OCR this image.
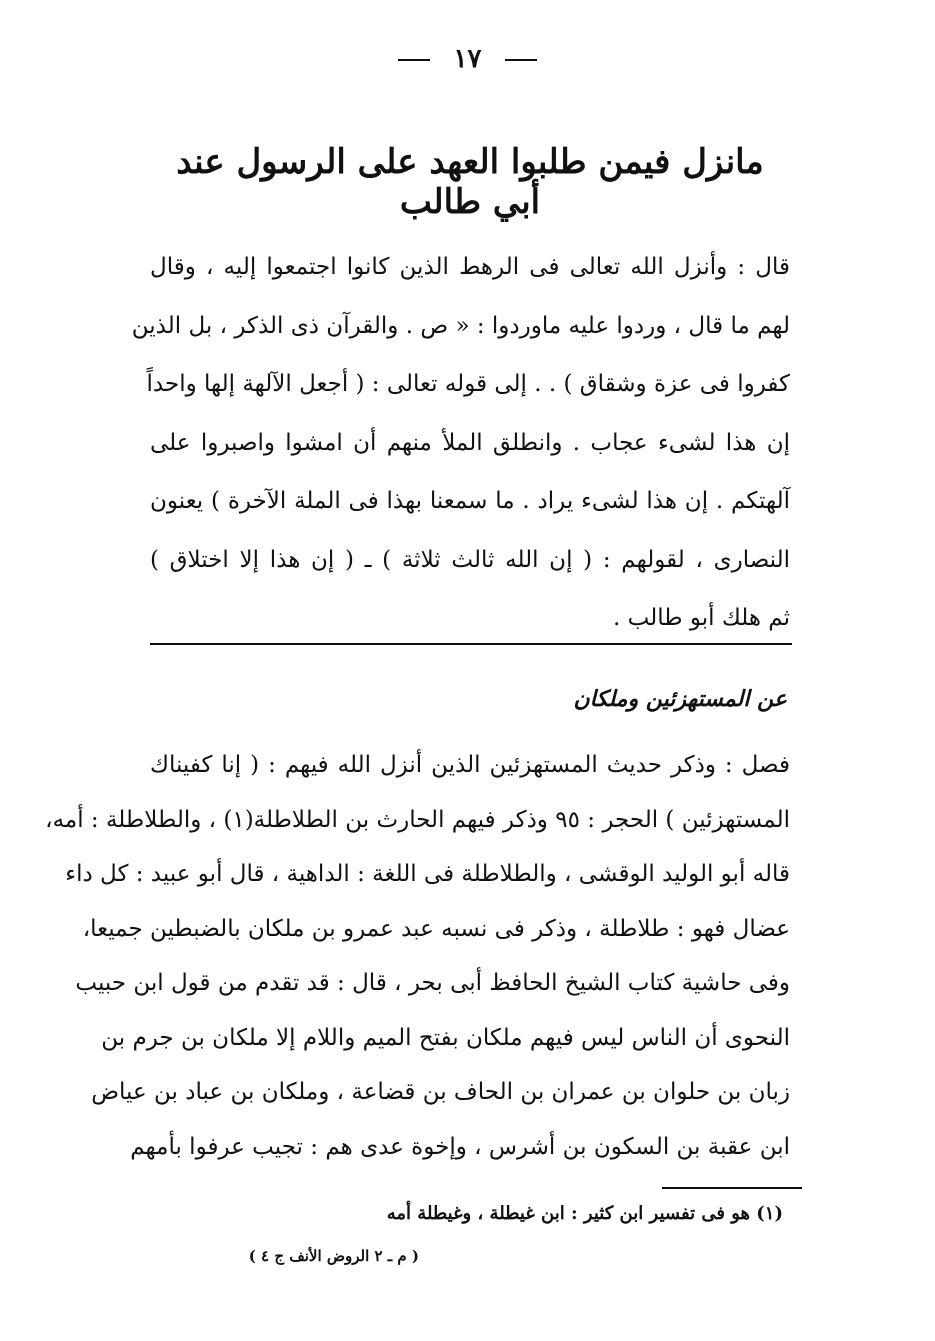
١٧
مانزل فيمن طلبوا العهد على الرسول عند أبي طالب
قال : وأنزل الله تعالى فى الرهط الذين كانوا اجتمعوا إليه ، وقال
لهم ما قال ، وردوا عليه ماوردوا : « ص . والقرآن ذى الذكر ، بل الذين
كفروا فى عزة وشقاق ) . . إلى قوله تعالى : ( أجعل الآلهة إلها واحداً
إن هذا لشىء عجاب . وانطلق الملأ منهم أن امشوا واصبروا على
آلهتكم . إن هذا لشىء يراد . ما سمعنا بهذا فى الملة الآخرة ) يعنون
النصارى ، لقولهم : ( إن الله ثالث ثلاثة ) ـ ( إن هذا إلا اختلاق )
ثم هلك أبو طالب .
عن المستهزئين وملكان
فصل : وذكر حديث المستهزئين الذين أنزل الله فيهم : ( إنا كفيناك
المستهزئين ) الحجر : ٩٥ وذكر فيهم الحارث بن الطلاطلة(١) ، والطلاطلة : أمه،
قاله أبو الوليد الوقشى ، والطلاطلة فى اللغة : الداهية ، قال أبو عبيد : كل داء
عضال فهو : طلاطلة ، وذكر فى نسبه عبد عمرو بن ملكان بالضبطين جميعا،
وفى حاشية كتاب الشيخ الحافظ أبى بحر ، قال : قد تقدم من قول ابن حبيب
النحوى أن الناس ليس فيهم ملكان بفتح الميم واللام إلا ملكان بن جرم بن
زبان بن حلوان بن عمران بن الحاف بن قضاعة ، وملكان بن عباد بن عياض
ابن عقبة بن السكون بن أشرس ، وإخوة عدى هم : تجيب عرفوا بأمهم
(١) هو فى تفسير ابن كثير : ابن غيطلة ، وغيطلة أمه
( م ـ ٢ الروض الأنف ج ٤ )
